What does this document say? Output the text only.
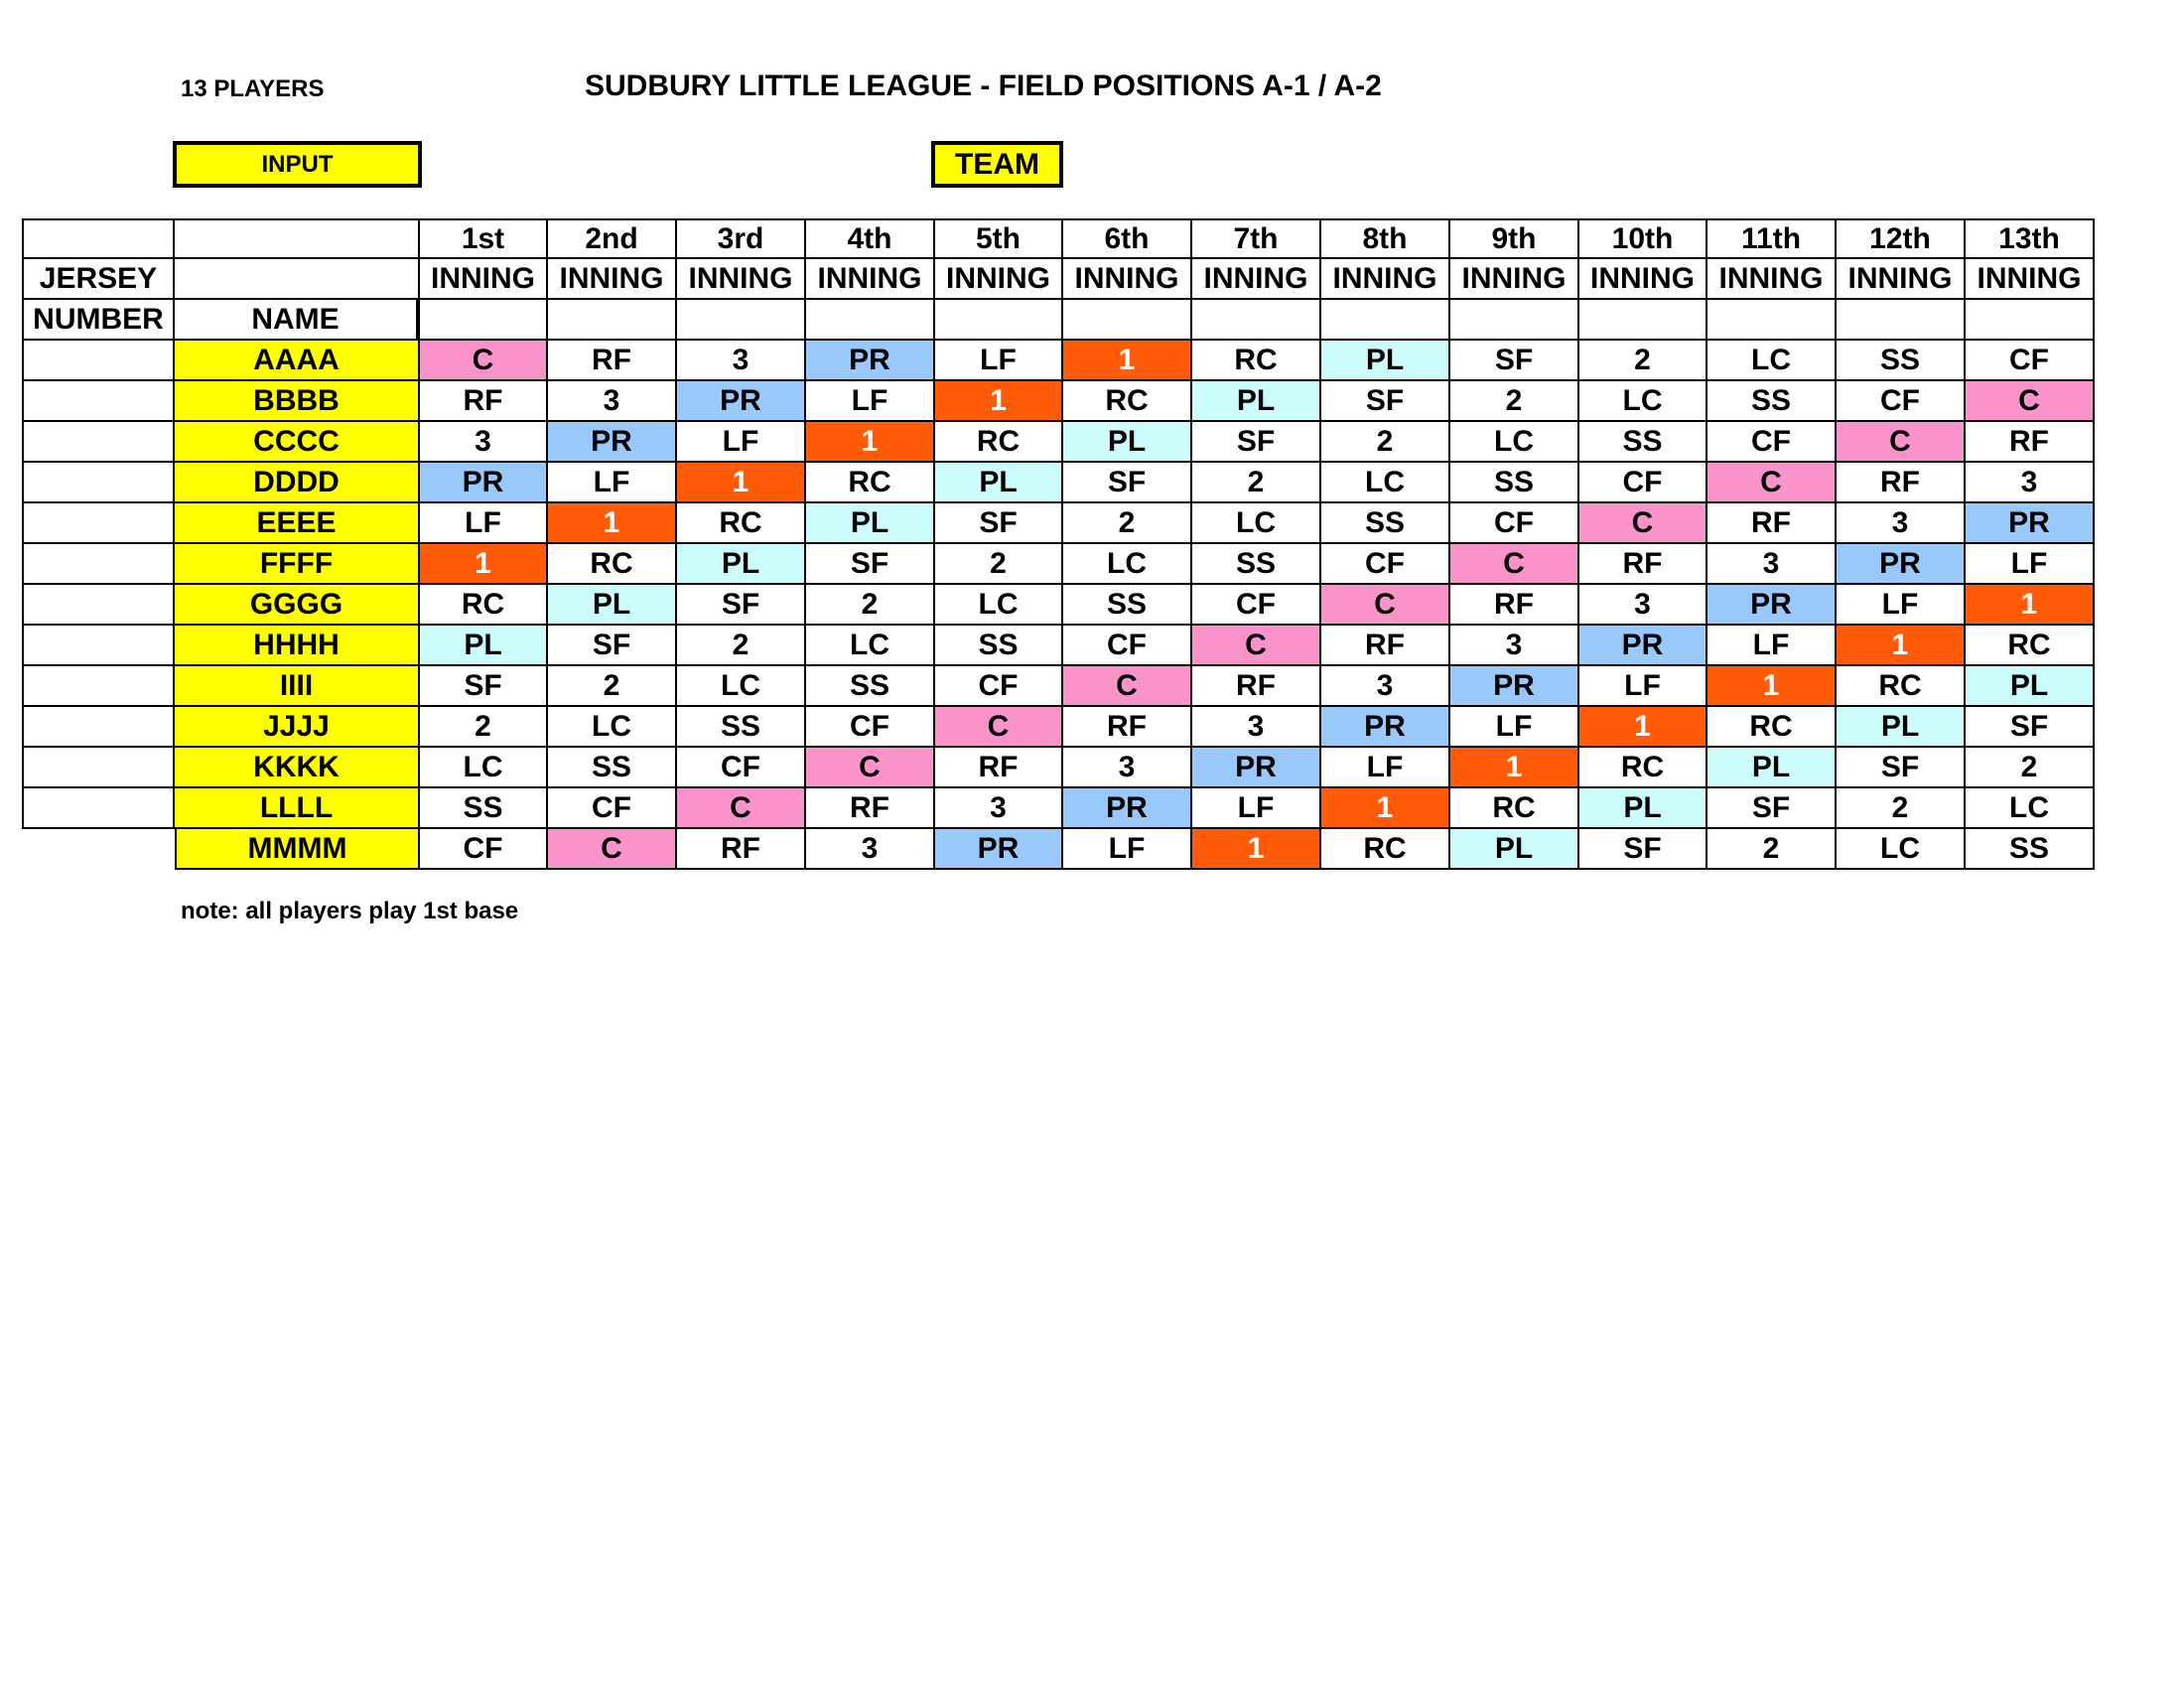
13 PLAYERS	SUDBURY LITTLE LEAGUE - FIELD POSITIONS A-1 / A-2
INPUT	TEAM
1st	2nd	3rd	4th	5th	6th	7th	8th	9th	10th	11th	12th	13th
JERSEY	INNING INNING INNING INNING INNING INNING INNING INNING INNING INNING INNING INNING INNING
NUMBER	NAME
AAAA	C	RF	3	PR	LF	1	RC	PL	SF	2	LC	SS	CF
BBBB	RF	3	PR	LF	1	RC	PL	SF	2	LC	SS	CF	C
CCCC	3	PR	LF	1	RC	PL	SF	2	LC	SS	CF	C	RF
DDDD	PR	LF	1	RC	PL	SF	2	LC	SS	CF	C	RF	3
EEEE	LF	1	RC	PL	SF	2	LC	SS	CF	C	RF	3	PR
FFFF	1	RC	PL	SF	2	LC	SS	CF	C	RF	3	PR	LF
GGGG	RC	PL	SF	2	LC	SS	CF	C	RF	3	PR	LF	1
HHHH	PL	SF	2	LC	SS	CF	C	RF	3	PR	LF	1	RC
IIII	SF	2	LC	SS	CF	C	RF	3	PR	LF	1	RC	PL
JJJJ	2	LC	SS	CF	C	RF	3	PR	LF	1	RC	PL	SF
KKKK	LC	SS	CF	C	RF	3	PR	LF	1	RC	PL	SF	2
LLLL	SS	CF	C	RF	3	PR	LF	1	RC	PL	SF	2	LC
MMMM	CF	C	RF	3	PR	LF	1	RC	PL	SF	2	LC	SS
note: all players play 1st base
